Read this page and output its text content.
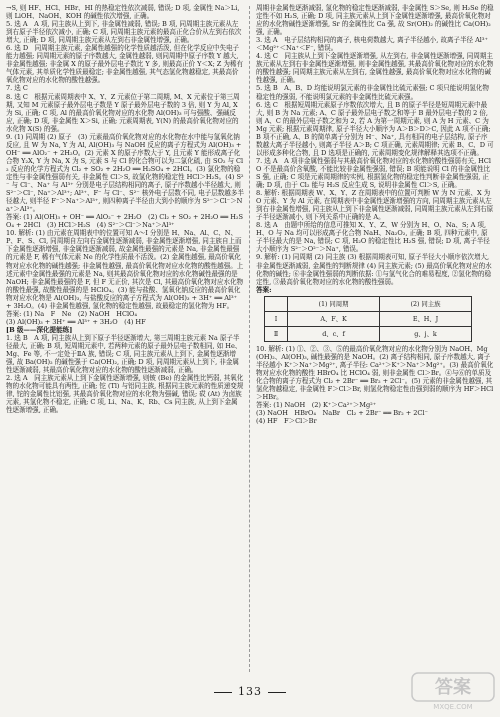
→S, 则 HF、HCl、HBr、HI 的热稳定性依次减弱, 错误; D 项, 金属性 Na＞Li, 则 LiOH、NaOH、KOH 的碱性依次增强, 正确。

5. 选 A　A 项, 同主族从上到下, 非金属性减弱, 错误; B 项, 同周期主族元素从左到右原子半径依次减小, 正确; C 项, 同周期主族元素的最高正化合价从左到右依次增大, 正确; D 项, 同周期主族元素从左到右非金属性增强, 正确。

6. 选 D　同周期主族元素, 金属性越强的化学性质越活泼, 但在化学反应中失电子能力越强; 同周期元素的原子序数越大, 金属性越弱, 则同周期中原子序数 Y 越大, 非金属性越强; 非金属 X 的原子最外层电子数比 Y 多, 则最高正价 Y＜X; Z 为稀有气体元素, 其单质化学性质最稳定; 非金属性越强, 其气态氢化物越稳定, 其最高价氧化物对应的水化物的酸性越强。

7. 选 C

8. 选 C　根据元素周期表中 X、Y、Z 元素位于第二周期, M、X 元素位于第三周期, 又知 M 元素原子最外层电子数是 Y 原子最外层电子数的 3 倍, 则 Y 为 Al, X 为 Si, 正确; C 项, Al 的最高价氧化物对应的水化物 Al(OH)₃ 可与强酸、强碱反应, 正确; D 项, 非金属性 X＞Si, 正确; 元素周期表, Y(N) 的最高价氧化物对应的水化物 X(S) 的强。

9. (1) 同周期 (2) 原子　(3) 元素最高价氧化物对应的水化物在水中能与氢氧化钠反应, 且 W 为 Na, Y 为 Al, Al(OH)₃ 与 NaOH 反应的离子方程式为 Al(OH)₃ + OH⁻ ══ AlO₂⁻ + 2H₂O。(2) 元素 X 的原子序数大于 Y, 且元素 Y 能形成离子化合物 Y₂X, Y 为 Na, X 为 S, 元素 S 与 Cl 的化合物可以为二氯化硫, 由 SO₂ 与 Cl₂ 反应的化学方程式为 Cl₂ + SO₂ + 2H₂O ══ H₂SO₄ + 2HCl。(3) 氯化物的稳定性与非金属性强弱有关, 非金属性 Cl＞S, 故氢化物的稳定性 HCl＞H₂S。(4) S²⁻ 与 Cl⁻、Na⁺ 与 Al³⁺ 分别是电子层结构相同的离子, 原子序数越小半径越大, 则 S²⁻＞Cl⁻, Na⁺＞Al³⁺; Al³⁺、F⁻ 与 Cl⁻、S²⁻ 核外电子层数不同, 电子层数越多半径越大, 则半径 F⁻＞Na⁺＞Al³⁺, 则四种离子半径由大到小的顺序为 S²⁻＞Cl⁻＞Na⁺＞Al³⁺。

答案: (1) Al(OH)₃ + OH⁻ ══ AlO₂⁻ + 2H₂O　(2) Cl₂ + SO₂ + 2H₂O ══ H₂SO₄ + 2HCl　(3) HCl＞H₂S　(4) S²⁻＞Cl⁻＞Na⁺＞Al³⁺

10. 解析: (1) 由元素在周期表中的位置可知 A～I 分别是 H、Na、Al、C、N、P、F、S、Cl, 同周期自左向右金属性逐渐减弱, 非金属性逐渐增强, 同主族自上而下金属性逐渐增强, 非金属性逐渐减弱, 故金属性最强的元素是 Na, 非金属性最强的元素是 F, 稀有气体元素 Ne 的化学性质最不活泼。(2) 金属性越强, 最高价氧化物对应水化物的碱性越强; 非金属性越强, 最高价氧化物对应水化物的酸性越强。上述元素中金属性最强的元素是 Na, 则其最高价氧化物对应的水化物碱性最强的是 NaOH; 非金属性最强的是 F, 但 F 无正价, 其次是 Cl, 其最高价氧化物对应水化物的酸性最强, 故酸性最强的是 HClO₄。(3) 能与盐酸、氢氧化钠反应的最高价氧化物对应水化物是 Al(OH)₃, 与盐酸反应的离子方程式为 Al(OH)₃ + 3H⁺ ══ Al³⁺ + 3H₂O。(4) 非金属性越强, 氢化物的稳定性越强, 故最稳定的氢化物为 HF。

答案: (1) Na　F　Ne　(2) NaOH　HClO₄

(3) Al(OH)₃ + 3H⁺ ══ Al³⁺ + 3H₂O　(4) HF

[B 级——深化提能练]

1. 选 B　A 项, 同主族从上到下原子半径逐渐增大, 第三周期主族元素 Na 原子半径最大, 正确; B 项, 短周期元素中, 若两种元素的原子最外层电子数相同, 如 He、Mg、Fe 等, 不一定处于ⅡA 族, 错误; C 项, 同主族元素从上到下, 金属性逐渐增强, 故 Ba(OH)₂ 的碱性强于 Ca(OH)₂, 正确; D 项, 同周期元素从上到下, 非金属性逐渐减弱, 其最高价氧化物对应的水化物的酸性逐渐减弱, 正确。

2. 选 A　同主族元素从上到下金属性逐渐增强, 则铍 (Be) 的金属性比钙弱, 其氧化物的水化物可能具有两性, 正确; 铊 (Tl) 与铝同主族, 根据同主族元素的性质递变规律, 铊的金属性比铝强, 其最高价氧化物对应的水化物为强碱, 错误; 砹 (At) 为卤族元素, 其氢化物不稳定, 正确; C 项, Li、Na、K、Rb、Cs 同主族, 从上到下金属性逐渐增强, 正确。

周期非金属性逐渐减弱, 氢化物的稳定性逐渐减弱, 非金属性 S＞Se, 则 H₂Se 的稳定性不如 H₂S, 正确; D 项, 同主族元素从上到下金属性逐渐增强, 最高价氧化物对应的水化物碱性逐渐增强, Sr 的金属性比 Ca 强, 故 Sr(OH)₂ 的碱性比 Ca(OH)₂ 强, 正确。

3. 选 A　电子层结构相同的离子, 核电荷数越大, 离子半径越小, 故离子半径 Al³⁺＜Mg²⁺＜Na⁺＜F⁻, 错误。

4. 选 C　同主族从上到下金属性逐渐增强, 从左到右, 非金属性逐渐增强, 同周期主族元素从左到右非金属性逐渐增强, 则非金属性越强, 其最高价氧化物对应的水化物的酸性越强; 同周期主族元素从左到右, 金属性越强, 最高价氧化物对应水化物的碱性越强, 正确。

5. 选 B　A、B、D 均能说明氯元素的非金属性比硫元素强; C 项只能说明氢化物稳定性的强弱, 不能说明氯元素的非金属性比硫元素强。

6. 选 C　根据短周期元素原子序数依次增大, 且 B 的原子半径是短周期元素中最大, 则 B 为 Na 元素; A、C 原子最外层电子数之和等于 B 最外层电子数的 2 倍, 则 A、C 的最外层电子数之和为 2, 若 A 为第一周期元素, 则 A 为 H 元素、C 为 Mg 元素; 根据元素周期律, 原子半径大小顺序为 A＞B＞D＞C, 因此 A 项不正确; B 项不正确, A、B 的简单离子分别为 H⁻、Na⁺, 具有相同的电子层结构, 原子序数越大离子半径越小, 则离子半径 A＞B; C 项正确, 元素周期律; 元素 B、C、D 可以形成多种化合物, 且 D 选项是正确的, 元素周期变化规律解释其选项不正确。

7. 选 A　A 项非金属性强弱与其最高价氧化物对应的水化物的酸性强弱有关, HClO 不是最高价含氧酸, 不能比较非金属性强弱, 错误; B 项能说明 Cl 的非金属性比 S 强, 正确; C 项是元素周期律的实例, 根据氢化物的稳定性判断非金属性强弱, 正确; D 项, 由于 Cl₂ 能与 H₂S 反应生成 S, 说明非金属性 Cl＞S, 正确。

8. 解析: 根据周期表 W、X、Y、Z 在周期表中的位置可判断 W 为 N 元素、X 为 O 元素、Y 为 Al 元素, 在周期表中非金属性逐渐增强的方向, 同周期主族元素从左到右非金属性增强, 同主族从上到下非金属性逐渐减弱, 同周期主族元素从左到右原子半径逐渐减小, 则下列关系中正确的是 A。

8. 选 A　由题中所给的信息可推知 X、Y、Z、W 分别为 H、O、Na、S; A 项, H、O 与 Na 均可以形成离子化合物 NaH、Na₂O₂, 正确; B 项, 四种元素中, 原子半径最大的是 Na, 错误; C 项, H₂O 的稳定性比 H₂S 强, 错误; D 项, 离子半径大小顺序为 S²⁻＞O²⁻＞Na⁺, 错误。

9. 解析: (1) 同周期 (2) 同主族 (3) 根据周期表可知, 原子半径大小顺序依次增大, 非金属性逐渐减弱, 金属性的判断规律 (4) 同主族元素; (5) 最高价氧化物对应的水化物的碱性; ⑥非金属性强弱的判断依据: ①与氢气化合的难易程度, ②氢化物的稳定性, ③最高价氧化物对应的水化物的酸性强弱。

答案:

	(1) 同周期	(2) 同主族
Ⅰ	A、F、K	E、H、J
Ⅱ	d、c、f	g、j、k

10. 解析: (1) ①、②、③、⑤的最高价氧化物对应的水化物分别为 NaOH、Mg(OH)₂、Al(OH)₃, 碱性最强的是 NaOH。(2) 离子结构相同, 原子序数越大, 离子半径越小 K⁺＞Na⁺＞Mg²⁺, 离子半径: Ca²⁺＞K⁺＞Na⁺＞Mg²⁺。(3) 最高价氧化物对应水化物的酸性 HBrO₄ 比 HClO₄ 弱, 则非金属性 Cl＞Br。④与⑥的单质及化合物的离子方程式为 Cl₂ + 2Br⁻ ══ Br₂ + 2Cl⁻。(5) 元素的非金属性越强, 其氢化物越稳定, 非金属性 F＞Cl＞Br, 则氢化物稳定性由强到弱的顺序为 HF＞HCl＞HBr。

答案: (1) NaOH　(2) K⁺＞Ca²⁺＞Mg²⁺

(3) NaOH　HBrO₄　NaBr　Cl₂ + 2Br⁻ ══ Br₂ + 2Cl⁻

(4) HF　F＞Cl＞Br

133	答案
MXQE.COM
